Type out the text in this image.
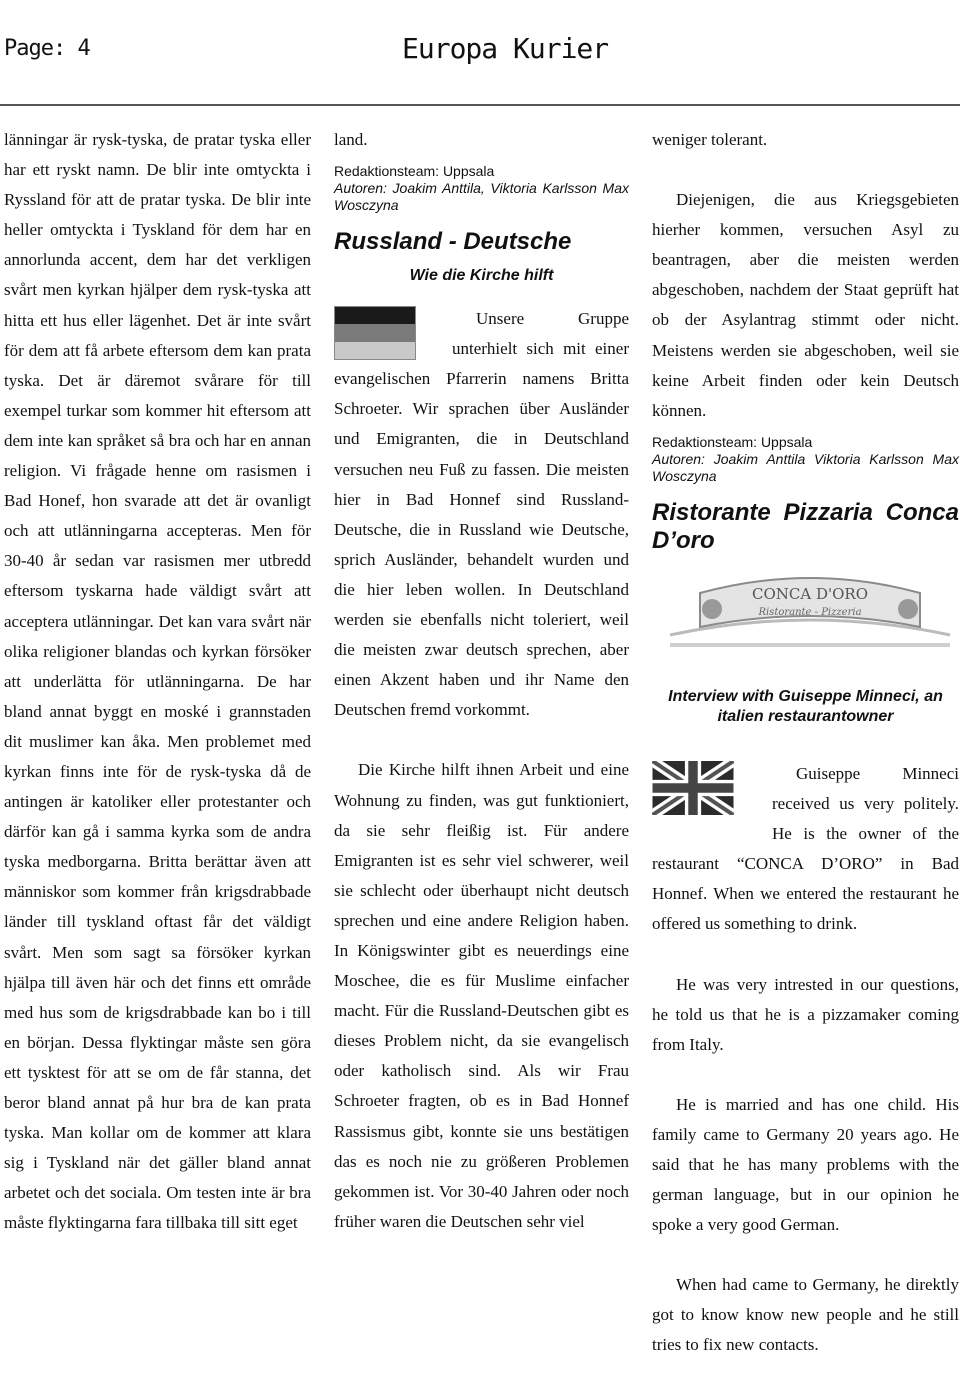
Page: 4	Europa Kurier

länningar är rysk-tyska, de pratar tyska eller har ett ryskt namn. De blir inte omtyckta i Ryssland för att de pratar tyska. De blir inte heller omtyckta i Tyskland för dem har en annorlunda accent, dem har det verkligen svårt men kyrkan hjälper dem rysk-tyska att hitta ett hus eller lägenhet. Det är inte svårt för dem att få arbete eftersom dem kan prata tyska. Det är däremot svårare för till exempel turkar som kommer hit eftersom att dem inte kan språket så bra och har en annan religion. Vi frågade henne om rasismen i Bad Honef, hon svarade att det är ovanligt och att utlänningarna accepteras. Men för 30-40 år sedan var rasismen mer utbredd eftersom tyskarna hade väldigt svårt att acceptera utlänningar. Det kan vara svårt när olika religioner blandas och kyrkan försöker att underlätta för utlänningarna. De har bland annat byggt en moské i grannstaden dit muslimer kan åka. Men problemet med kyrkan finns inte för de rysk-tyska då de antingen är katoliker eller protestanter och därför kan gå i samma kyrka som de andra tyska medborgarna. Britta berättar även att människor som kommer från krigsdrabbade länder till tyskland oftast får det väldigt svårt. Men som sagt sa försöker kyrkan hjälpa till även här och det finns ett område med hus som de krigsdrabbade kan bo i till en början. Dessa flyktingar måste sen göra ett tysktest för att se om de får stanna, det beror bland annat på hur bra de kan prata tyska. Man kollar om de kommer att klara sig i Tyskland när det gäller bland annat arbetet och det sociala. Om testen inte är bra måste flyktingarna fara tillbaka till sitt eget

land.

Redaktionsteam: Uppsala
Autoren: Joakim Anttila, Viktoria Karlsson Max Wosczyna
Russland - Deutsche
Wie die Kirche hilft

Unsere Gruppe unterhielt sich mit einer evangelischen Pfarrerin namens Britta Schroeter. Wir sprachen über Ausländer und Emigranten, die in Deutschland versuchen neu Fuß zu fassen. Die meisten hier in Bad Honnef sind Russland-Deutsche, die in Russland wie Deutsche, sprich Ausländer, behandelt wurden und die hier leben wollen. In Deutschland werden sie ebenfalls nicht toleriert, weil die meisten zwar deutsch sprechen, aber einen Akzent haben und ihr Name den Deutschen fremd vorkommt.

Die Kirche hilft ihnen Arbeit und eine Wohnung zu finden, was gut funktioniert, da sie sehr fleißig ist. Für andere Emigranten ist es sehr viel schwerer, weil sie schlecht oder überhaupt nicht deutsch sprechen und eine andere Religion haben. In Königswinter gibt es neuerdings eine Moschee, die es für Muslime einfacher macht. Für die Russland-Deutschen gibt es dieses Problem nicht, da sie evangelisch oder katholisch sind. Als wir Frau Schroeter fragten, ob es in Bad Honnef Rassismus gibt, konnte sie uns bestätigen das es noch nie zu größeren Problemen gekommen ist. Vor 30-40 Jahren oder noch früher waren die Deutschen sehr viel

weniger tolerant.

Diejenigen, die aus Kriegsgebieten hierher kommen, versuchen Asyl zu beantragen, aber die meisten werden abgeschoben, nachdem der Staat geprüft hat ob der Asylantrag stimmt oder nicht. Meistens werden sie abgeschoben, weil sie keine Arbeit finden oder kein Deutsch können.

Redaktionsteam: Uppsala
Autoren: Joakim Anttila Viktoria Karlsson Max Wosczyna
Ristorante Pizzaria Conca D’oro
CONCA D'ORO
Ristorante - Pizzeria
Interview with Guiseppe Minneci, an italien restaurantowner

Guiseppe Minneci received us very politely. He is the owner of the restaurant “CONCA D’ORO” in Bad Honnef. When we entered the restaurant he offered us something to drink.

He was very intrested in our questions, he told us that he is a pizzamaker coming from Italy.

He is married and has one child. His family came to Germany 20 years ago. He said that he has many problems with the german language, but in our opinion he spoke a very good German.

When had came to Germany, he direktly got to know know new people and he still tries to fix new contacts.
